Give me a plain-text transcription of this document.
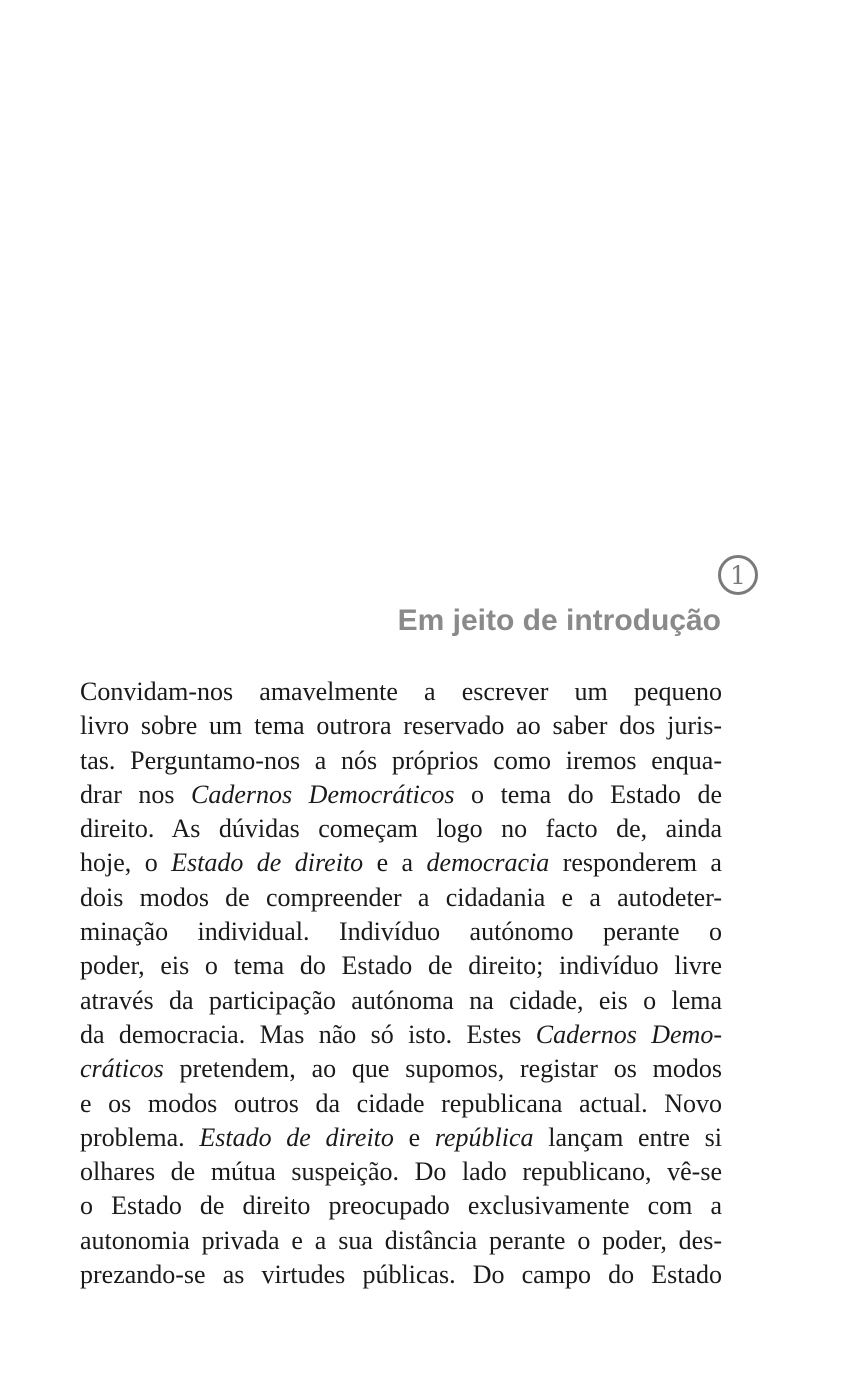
1
Em jeito de introdução
Convidam-nos amavelmente a escrever um pequeno
livro sobre um tema outrora reservado ao saber dos juris-
tas. Perguntamo-nos a nós próprios como iremos enqua-
drar nos Cadernos Democráticos o tema do Estado de
direito. As dúvidas começam logo no facto de, ainda
hoje, o Estado de direito e a democracia responderem a
dois modos de compreender a cidadania e a autodeter-
minação individual. Indivíduo autónomo perante o
poder, eis o tema do Estado de direito; indivíduo livre
através da participação autónoma na cidade, eis o lema
da democracia. Mas não só isto. Estes Cadernos Demo-
cráticos pretendem, ao que supomos, registar os modos
e os modos outros da cidade republicana actual. Novo
problema. Estado de direito e república lançam entre si
olhares de mútua suspeição. Do lado republicano, vê-se
o Estado de direito preocupado exclusivamente com a
autonomia privada e a sua distância perante o poder, des-
prezando-se as virtudes públicas. Do campo do Estado
